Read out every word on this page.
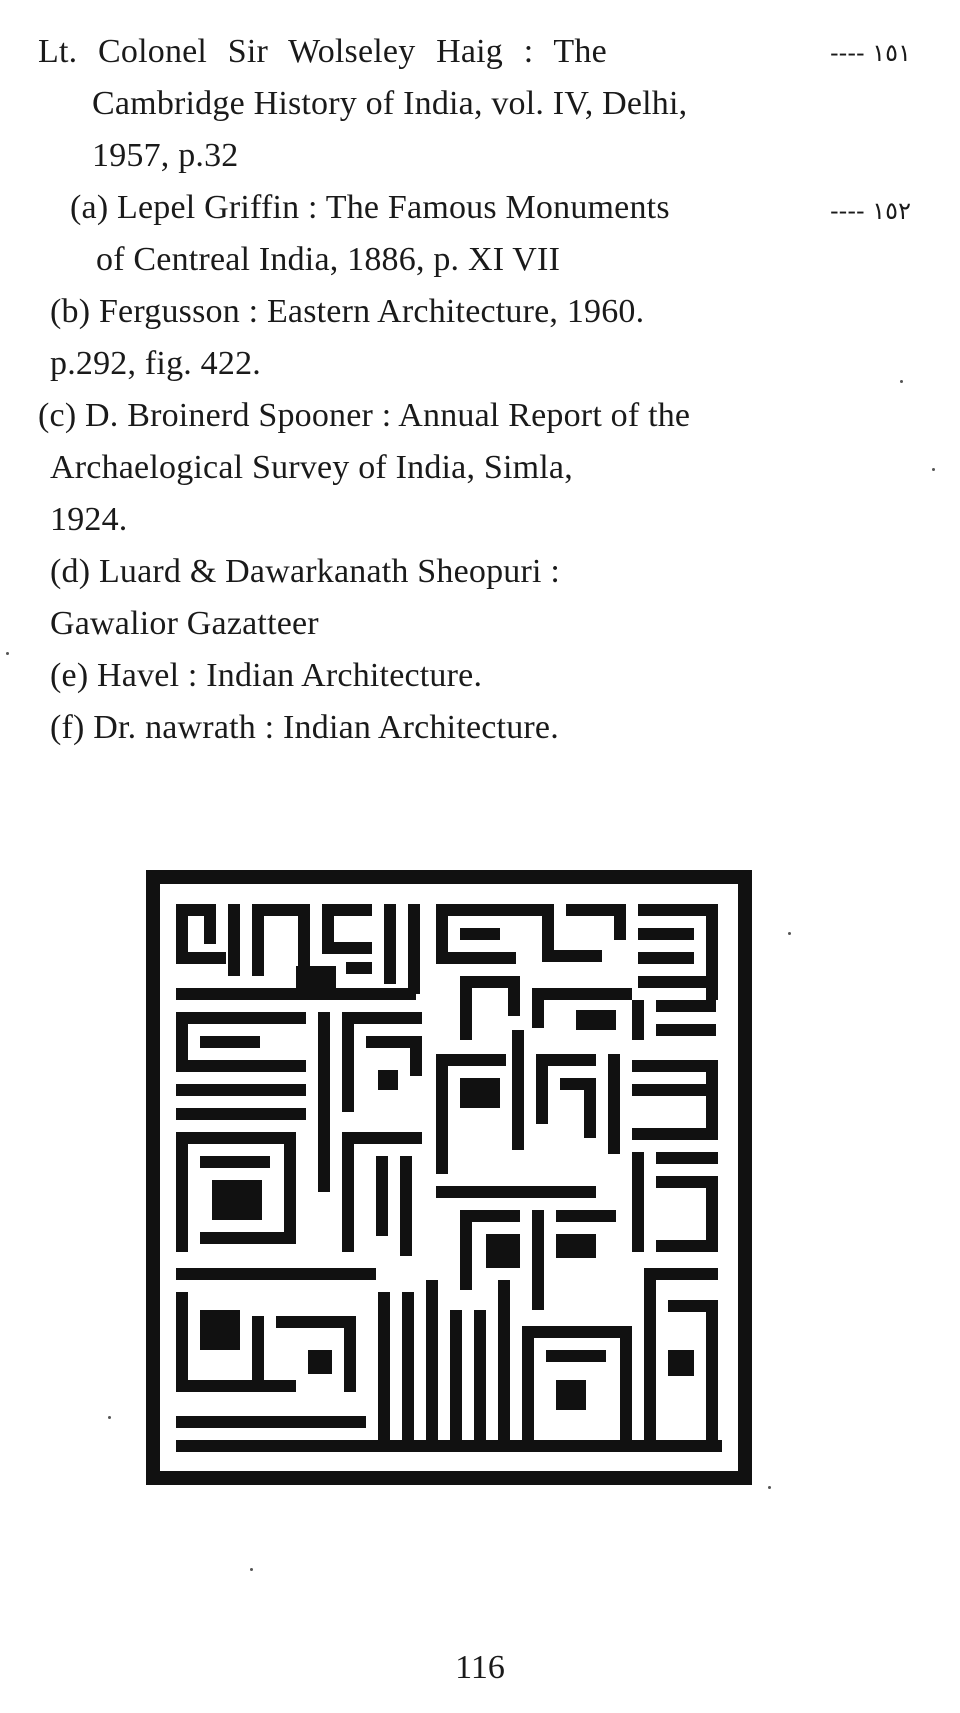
Lt. Colonel Sir Wolseley Haig : The	---- ١٥١
Cambridge History of India, vol. IV, Delhi,
1957, p.32
(a) Lepel Griffin : The Famous Monuments	---- ١٥٢
of Centreal India, 1886, p. XI VII
(b) Fergusson : Eastern Architecture, 1960.
p.292, fig. 422.
(c) D. Broinerd Spooner : Annual Report of the
Archaelogical Survey of India, Simla,
1924.
(d) Luard & Dawarkanath Sheopuri :
Gawalior Gazatteer
(e) Havel : Indian Architecture.
(f) Dr. nawrath : Indian Architecture.
116
